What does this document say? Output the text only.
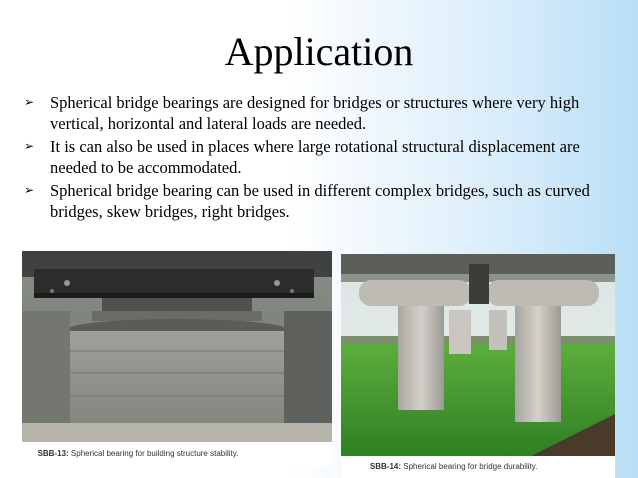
Application
➢ Spherical bridge bearings are designed for bridges or structures where very high vertical, horizontal and lateral loads are needed.
➢ It is can also be used in places where large rotational structural displacement are needed to be accommodated.
➢ Spherical bridge bearing can be used in different complex bridges, such as curved bridges, skew bridges, right bridges.
SBB-13: Spherical bearing for building structure stability.
SBB-14: Spherical bearing for bridge durability.
